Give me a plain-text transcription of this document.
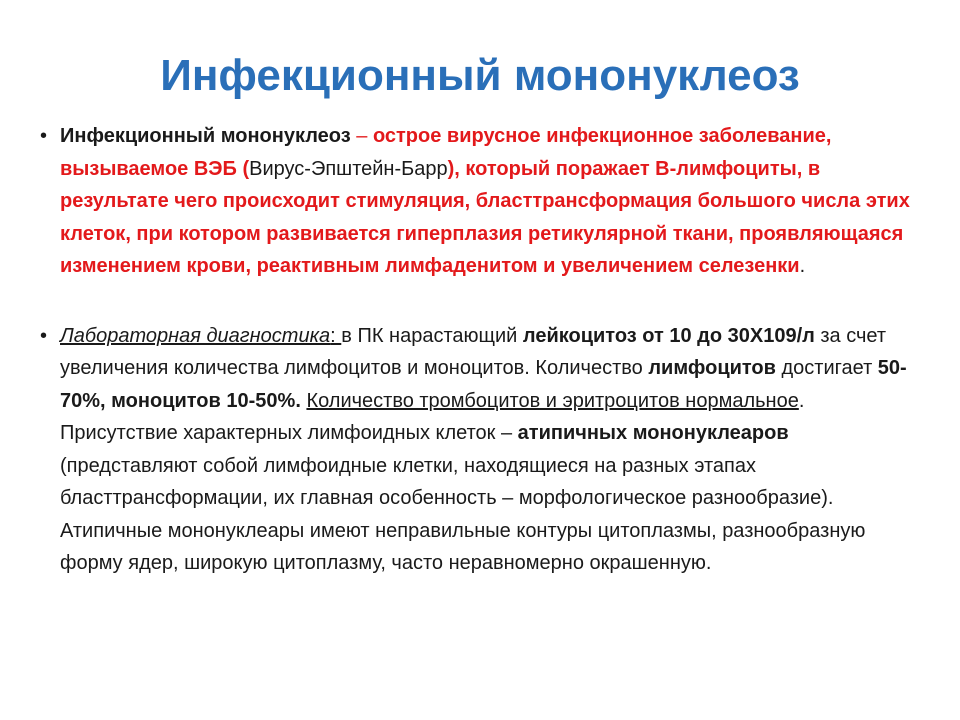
Инфекционный мононуклеоз
• Инфекционный мононуклеоз – острое вирусное инфекционное заболевание, вызываемое ВЭБ (Вирус-Эпштейн-Барр), который поражает В-лимфоциты, в результате чего происходит стимуляция, бласттрансформация большого числа этих клеток, при котором развивается гиперплазия ретикулярной ткани, проявляющаяся изменением крови, реактивным лимфаденитом и увеличением селезенки.
• Лабораторная диагностика: в ПК нарастающий лейкоцитоз от 10 до 30Х109/л за счет увеличения количества лимфоцитов и моноцитов. Количество лимфоцитов достигает 50-70%, моноцитов 10-50%. Количество тромбоцитов и эритроцитов нормальное. Присутствие характерных лимфоидных клеток – атипичных мононуклеаров (представляют собой лимфоидные клетки, находящиеся на разных этапах бласттрансформации, их главная особенность – морфологическое разнообразие). Атипичные мононуклеары имеют неправильные контуры цитоплазмы, разнообразную форму ядер, широкую цитоплазму, часто неравномерно окрашенную.
